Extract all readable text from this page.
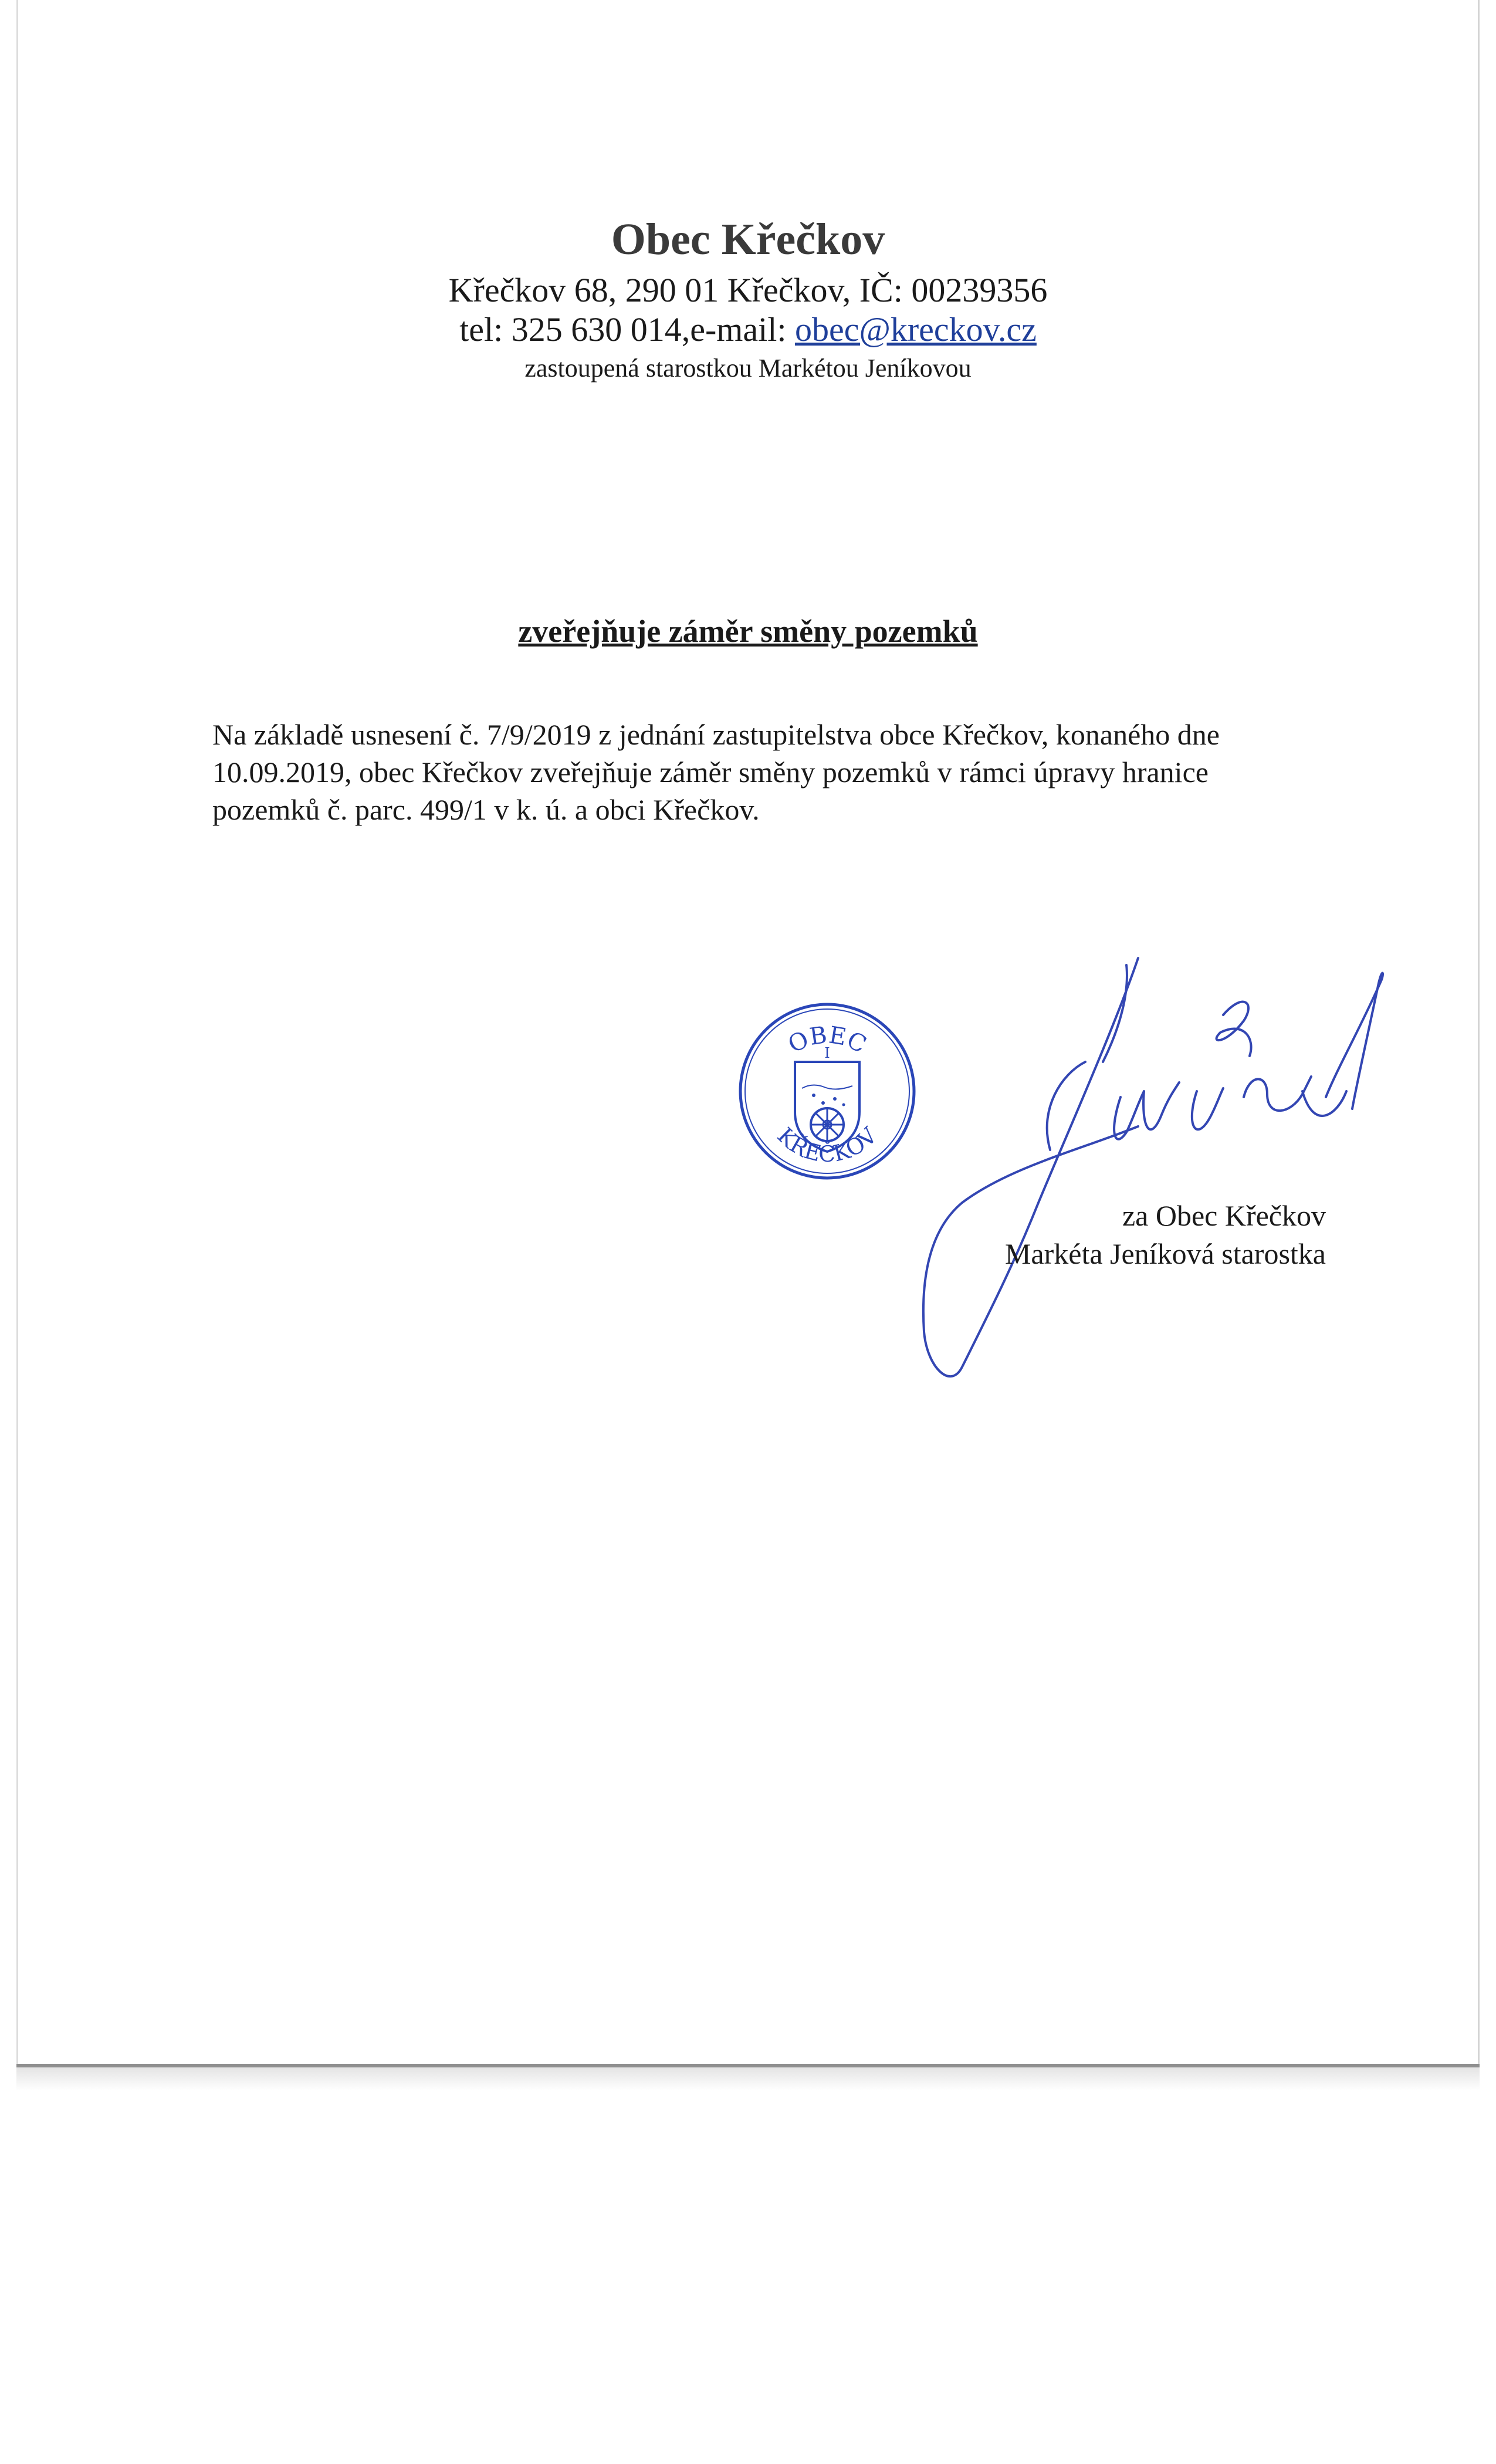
Obec Křečkov
Křečkov 68, 290 01 Křečkov, IČ: 00239356
tel: 325 630 014,e-mail: obec@kreckov.cz
zastoupená starostkou Markétou Jeníkovou
zveřejňuje záměr směny pozemků

Na základě usnesení č. 7/9/2019 z jednání zastupitelstva obce Křečkov, konaného dne 10.09.2019, obec Křečkov zveřejňuje záměr směny pozemků v rámci úpravy hranice pozemků č. parc. 499/1 v k. ú. a obci Křečkov.

OBEC
I
KŘEČKOV
za Obec Křečkov
Markéta Jeníková starostka
